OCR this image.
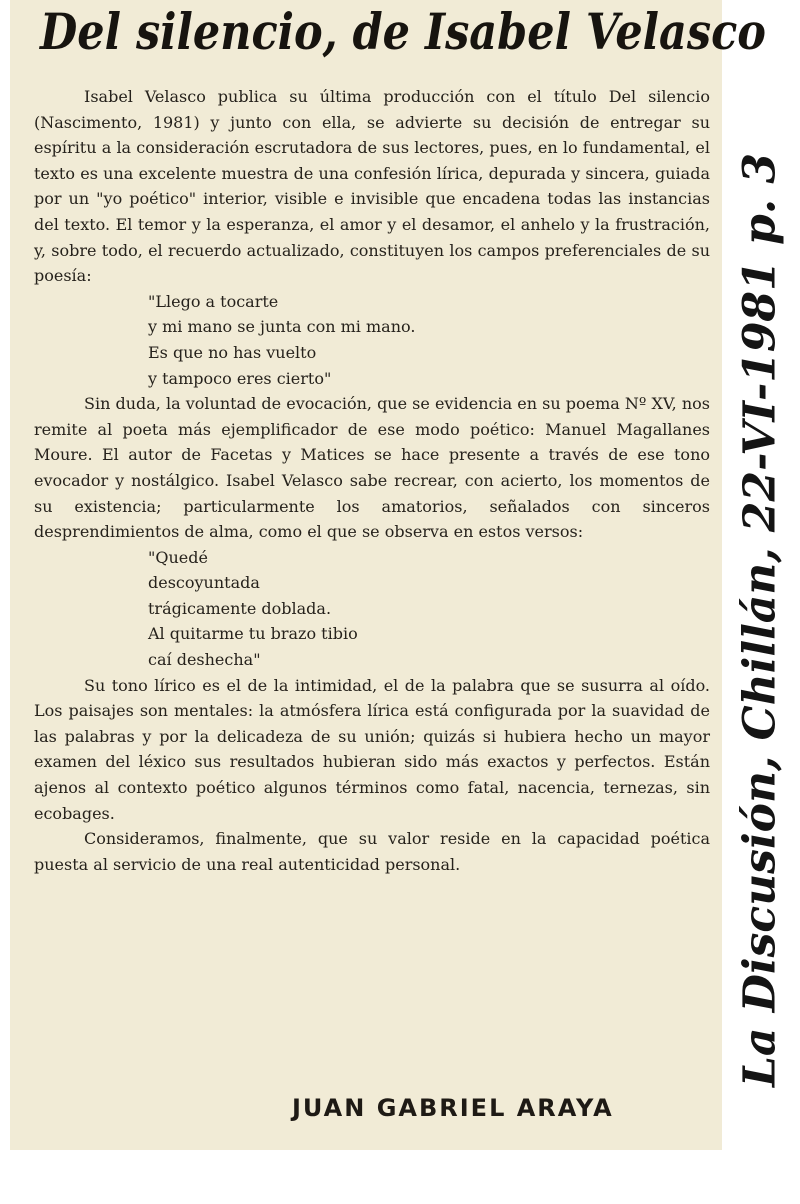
Del silencio, de Isabel Velasco

Isabel Velasco publica su última producción con el título Del silencio (Nascimento, 1981) y junto con ella, se advierte su decisión de entregar su espíritu a la consideración escrutadora de sus lectores, pues, en lo fundamental, el texto es una excelente muestra de una confesión lírica, depurada y sincera, guiada por un "yo poético" interior, visible e invisible que encadena todas las instancias del texto. El temor y la esperanza, el amor y el desamor, el anhelo y la frustración, y, sobre todo, el recuerdo actualizado, constituyen los campos preferenciales de su poesía:

"Llego a tocarte
y mi mano se junta con mi mano.
Es que no has vuelto
y tampoco eres cierto"

Sin duda, la voluntad de evocación, que se evidencia en su poema Nº XV, nos remite al poeta más ejemplificador de ese modo poético: Manuel Magallanes Moure. El autor de Facetas y Matices se hace presente a través de ese tono evocador y nostálgico. Isabel Velasco sabe recrear, con acierto, los momentos de su existencia; particularmente los amatorios, señalados con sinceros desprendimientos de alma, como el que se observa en estos versos:

"Quedé
descoyuntada
trágicamente doblada.
Al quitarme tu brazo tibio
caí deshecha"

Su tono lírico es el de la intimidad, el de la palabra que se susurra al oído. Los paisajes son mentales: la atmósfera lírica está configurada por la suavidad de las palabras y por la delicadeza de su unión; quizás si hubiera hecho un mayor examen del léxico sus resultados hubieran sido más exactos y perfectos. Están ajenos al contexto poético algunos términos como fatal, nacencia, ternezas, sin ecobages.

Consideramos, finalmente, que su valor reside en la capacidad poética puesta al servicio de una real autenticidad personal.

JUAN GABRIEL ARAYA

La Discusión, Chillán, 22-VI-1981 p. 3
